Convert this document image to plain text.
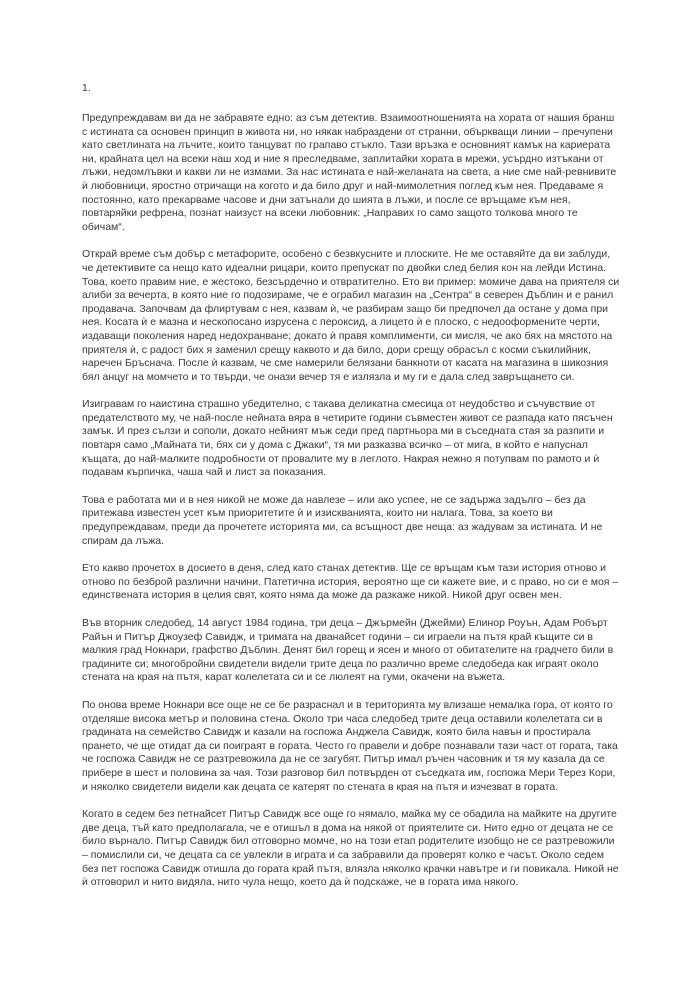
1.

Предупреждавам ви да не забравяте едно: аз съм детектив. Взаимоотношенията на хората от нашия бранш с истината са основен принцип в живота ни, но някак набраздени от странни, объркващи линии – пречупени като светлината на лъчите, които танцуват по грапаво стъкло. Тази връзка е основният камък на кариерата ни, крайната цел на всеки наш ход и ние я преследваме, заплитайки хората в мрежи, усърдно изтъкани от лъжи, недомлъвки и какви ли не измами. За нас истината е най-желаната на света, а ние сме най-ревнивите ѝ любовници, яростно отричащи на когото и да било друг и най-мимолетния поглед към нея. Предаваме я постоянно, като прекарваме часове и дни затънали до шията в лъжи, и после се връщаме към нея, повтаряйки рефрена, познат наизуст на всеки любовник: „Направих го само защото толкова много те обичам“.

Открай време съм добър с метафорите, особено с безвкусните и плоските. Не ме оставяйте да ви заблуди, че детективите са нещо като идеални рицари, които препускат по двойки след белия кон на лейди Истина. Това, което правим ние, е жестоко, безсърдечно и отвратително. Ето ви пример: момиче дава на приятеля си алиби за вечерта, в която ние го подозираме, че е ограбил магазин на „Сентра“ в северен Дъблин и е ранил продавача. Започвам да флиртувам с нея, казвам ѝ, че разбирам защо би предпочел да остане у дома при нея. Косата ѝ е мазна и нескопосано изрусена с пероксид, а лицето ѝ е плоско, с недооформените черти, издаващи поколения наред недохранване; докато ѝ правя комплименти, си мисля, че ако бях на мястото на приятеля ѝ, с радост бих я заменил срещу каквото и да било, дори срещу обрасъл с косми съкилийник, наречен Бръснача. После ѝ казвам, че сме намерили белязани банкноти от касата на магазина в шикозния бял анцуг на момчето и то твърди, че онази вечер тя е излязла и му ги е дала след завръщането си.

Изигравам го наистина страшно убедително, с такава деликатна смесица от неудобство и съчувствие от предателството му, че най-после нейната вяра в четирите години съвместен живот се разпада като пясъчен замък. И през сълзи и сополи, докато нейният мъж седи пред партньора ми в съседната стая за разпити и повтаря само „Майната ти, бях си у дома с Джаки“, тя ми разказва всичко – от мига, в който е напуснал къщата, до най-малките подробности от провалите му в леглото. Накрая нежно я потупвам по рамото и ѝ подавам кърпичка, чаша чай и лист за показания.

Това е работата ми и в нея никой не може да навлезе – или ако успее, не се задържа задълго – без да притежава известен усет към приоритетите ѝ и изискванията, които ни налага. Това, за което ви предупреждавам, преди да прочетете историята ми, са всъщност две неща: аз жадувам за истината. И не спирам да лъжа.

Ето какво прочетох в досието в деня, след като станах детектив. Ще се връщам към тази история отново и отново по безброй различни начини. Патетична история, вероятно ще си кажете вие, и с право, но си е моя – единствената история в целия свят, която няма да може да разкаже никой. Никой друг освен мен.

Във вторник следобед, 14 август 1984 година, три деца – Джърмейн (Джейми) Елинор Роуън, Адам Робърт Райън и Питър Джоузеф Савидж, и тримата на дванайсет години – си играели на пътя край къщите си в малкия град Нокнари, графство Дъблин. Денят бил горещ и ясен и много от обитателите на градчето били в градините си; многобройни свидетели видели трите деца по различно време следобеда как играят около стената на края на пътя, карат колелетата си и се люлеят на гуми, окачени на въжета.

По онова време Нокнари все още не се бе разраснал и в територията му влизаше немалка гора, от която го отделяше висока метър и половина стена. Около три часа следобед трите деца оставили колелетата си в градината на семейство Савидж и казали на госпожа Анджела Савидж, която била навън и простирала прането, че ще отидат да си поиграят в гората. Често го правели и добре познавали тази част от гората, така че госпожа Савидж не се разтревожила да не се загубят. Питър имал ръчен часовник и тя му казала да се прибере в шест и половина за чая. Този разговор бил потвърден от съседката им, госпожа Мери Терез Кори, и няколко свидетели видели как децата се катерят по стената в края на пътя и изчезват в гората.

Когато в седем без петнайсет Питър Савидж все още го нямало, майка му се обадила на майките на другите две деца, тъй като предполагала, че е отишъл в дома на някой от приятелите си. Нито едно от децата не се било върнало. Питър Савидж бил отговорно момче, но на този етап родителите изобщо не се разтревожили – помислили си, че децата са се увлекли в играта и са забравили да проверят колко е часът. Около седем без пет госпожа Савидж отишла до гората край пътя, влязла няколко крачки навътре и ги повикала. Никой не ѝ отговорил и нито видяла, нито чула нещо, което да ѝ подскаже, че в гората има някого.
